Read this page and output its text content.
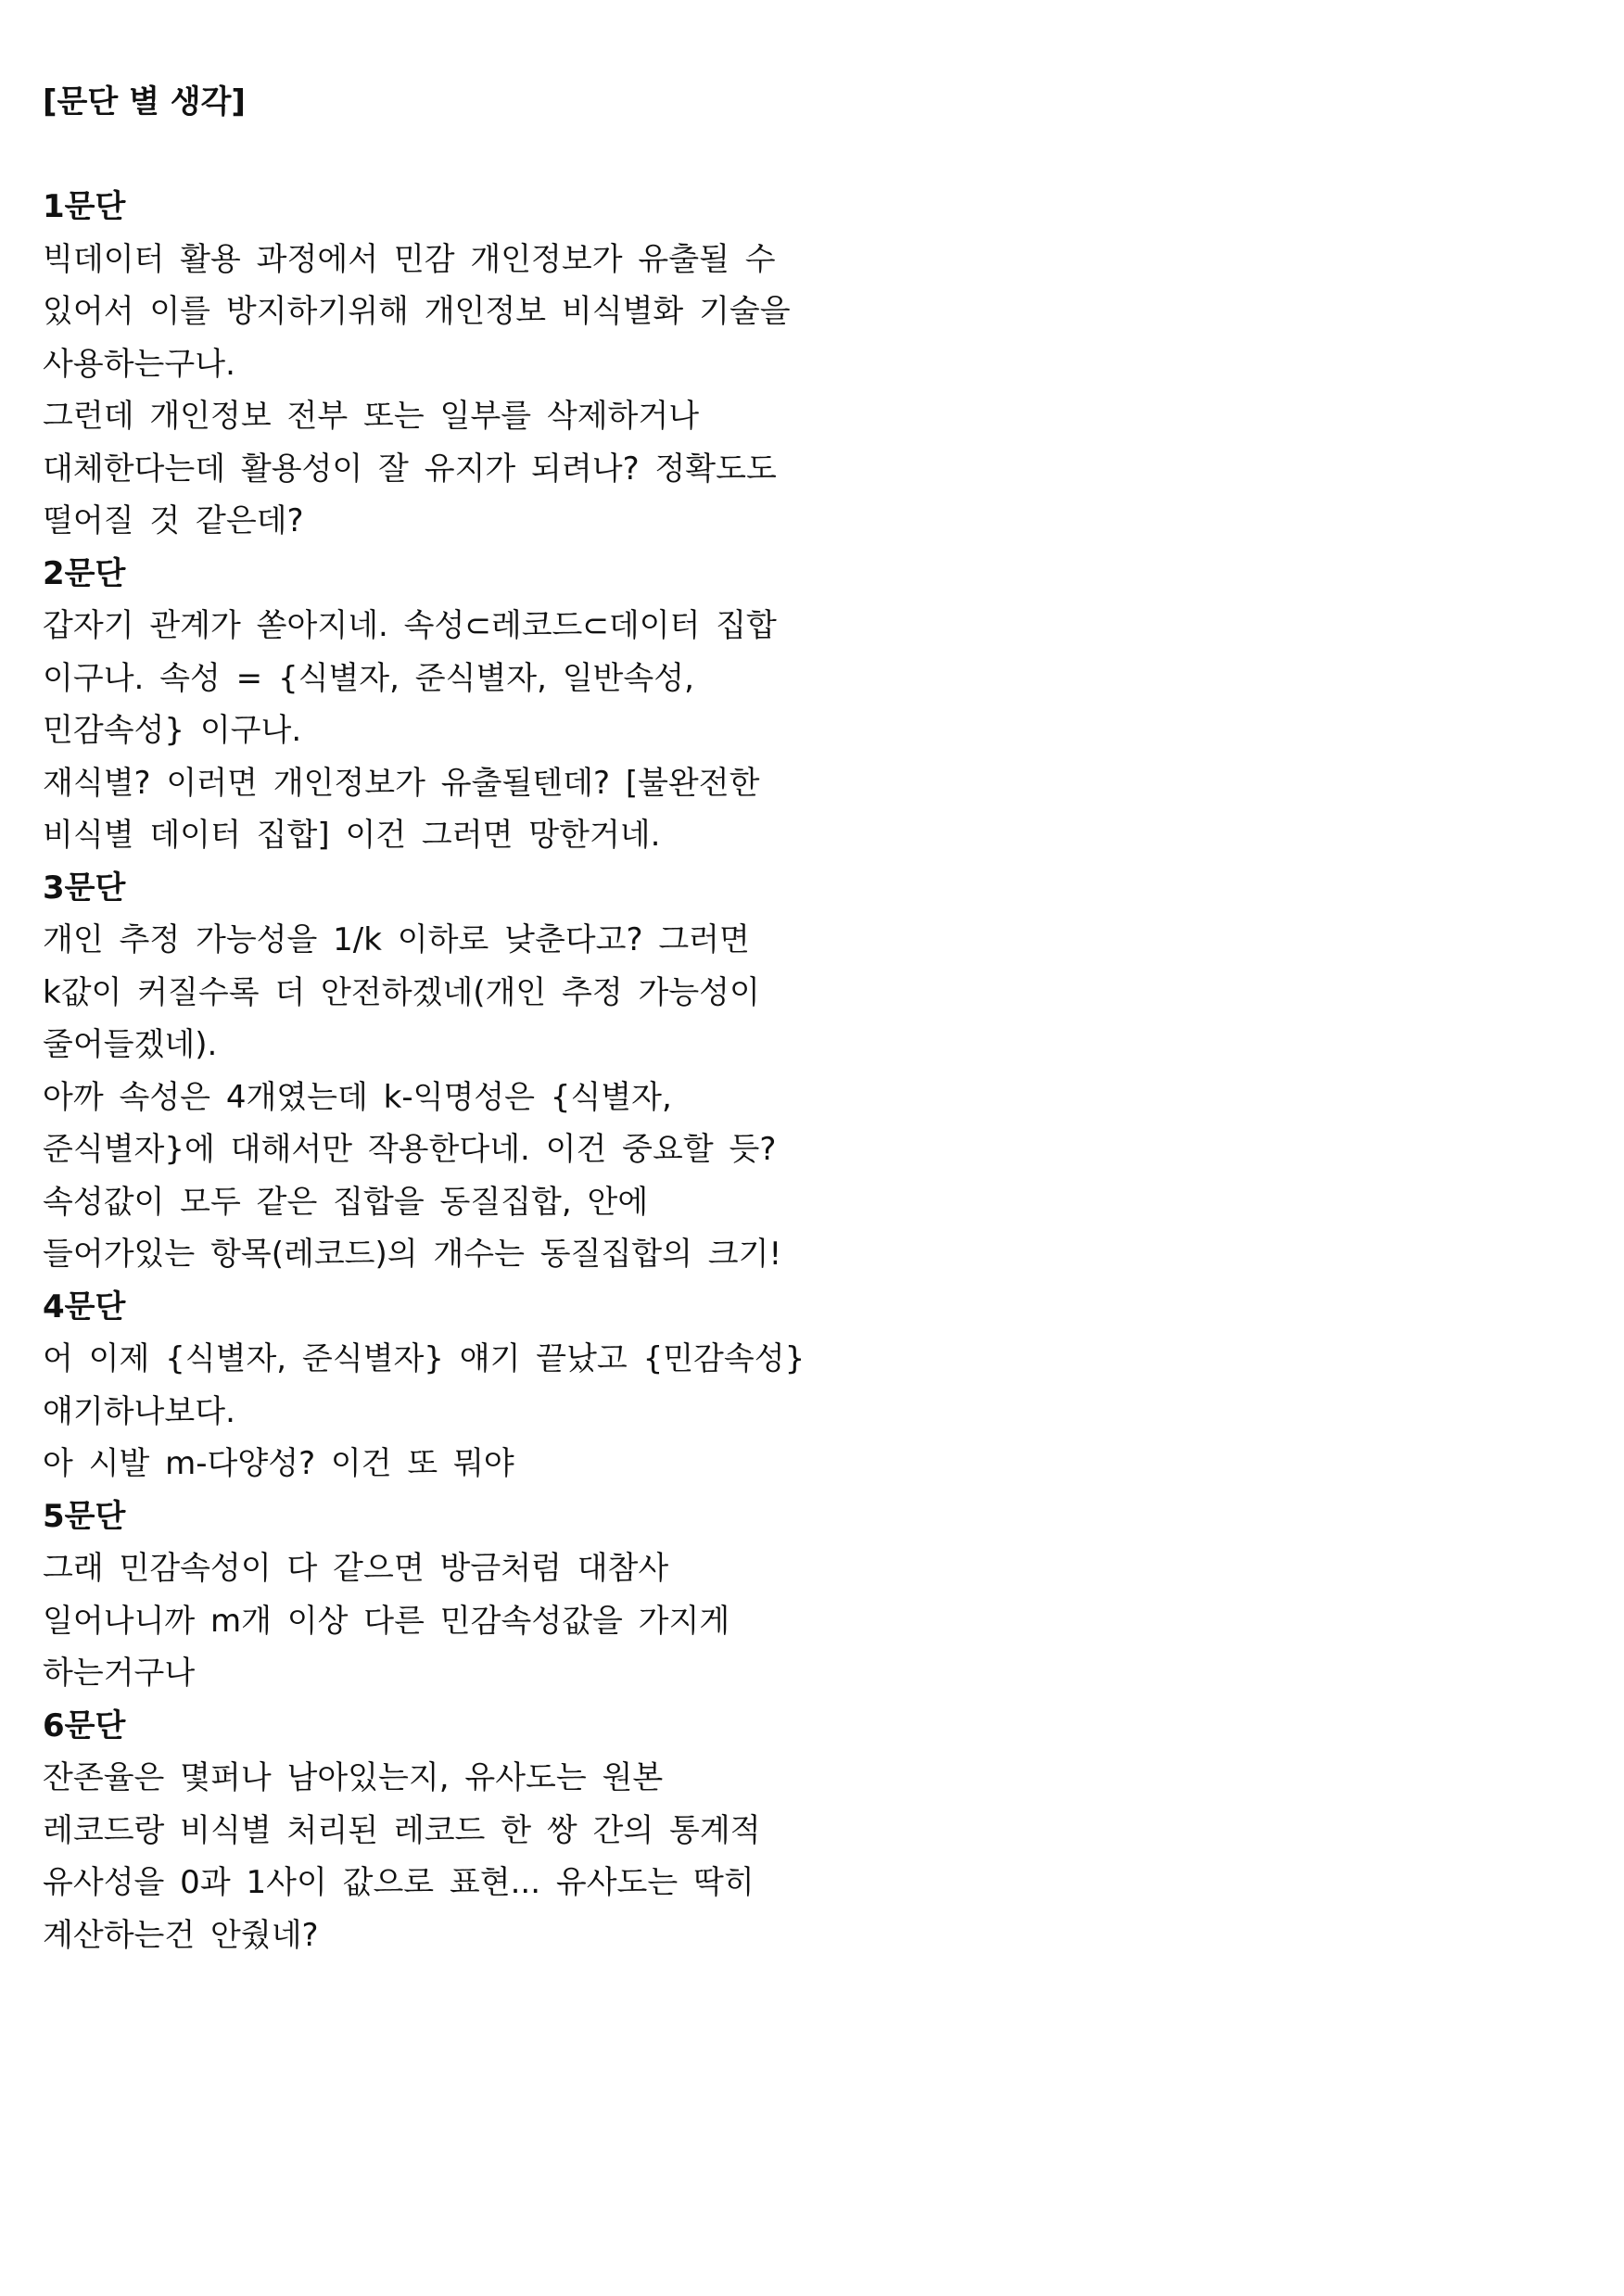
[문단 별 생각]
1문단
빅데이터 활용 과정에서 민감 개인정보가 유출될 수
있어서 이를 방지하기위해 개인정보 비식별화 기술을
사용하는구나.
그런데 개인정보 전부 또는 일부를 삭제하거나
대체한다는데 활용성이 잘 유지가 되려나? 정확도도
떨어질 것 같은데?
2문단
갑자기 관계가 쏟아지네. 속성⊂레코드⊂데이터 집합
이구나. 속성 = {식별자, 준식별자, 일반속성,
민감속성} 이구나.
재식별? 이러면 개인정보가 유출될텐데? [불완전한
비식별 데이터 집합] 이건 그러면 망한거네.
3문단
개인 추정 가능성을 1/k 이하로 낮춘다고? 그러면
k값이 커질수록 더 안전하겠네(개인 추정 가능성이
줄어들겠네).
아까 속성은 4개였는데 k-익명성은 {식별자,
준식별자}에 대해서만 작용한다네. 이건 중요할 듯?
속성값이 모두 같은 집합을 동질집합, 안에
들어가있는 항목(레코드)의 개수는 동질집합의 크기!
4문단
어 이제 {식별자, 준식별자} 얘기 끝났고 {민감속성}
얘기하나보다.
아 시발 m-다양성? 이건 또 뭐야
5문단
그래 민감속성이 다 같으면 방금처럼 대참사
일어나니까 m개 이상 다른 민감속성값을 가지게
하는거구나
6문단
잔존율은 몇퍼나 남아있는지, 유사도는 원본
레코드랑 비식별 처리된 레코드 한 쌍 간의 통계적
유사성을 0과 1사이 값으로 표현... 유사도는 딱히
계산하는건 안줬네?
